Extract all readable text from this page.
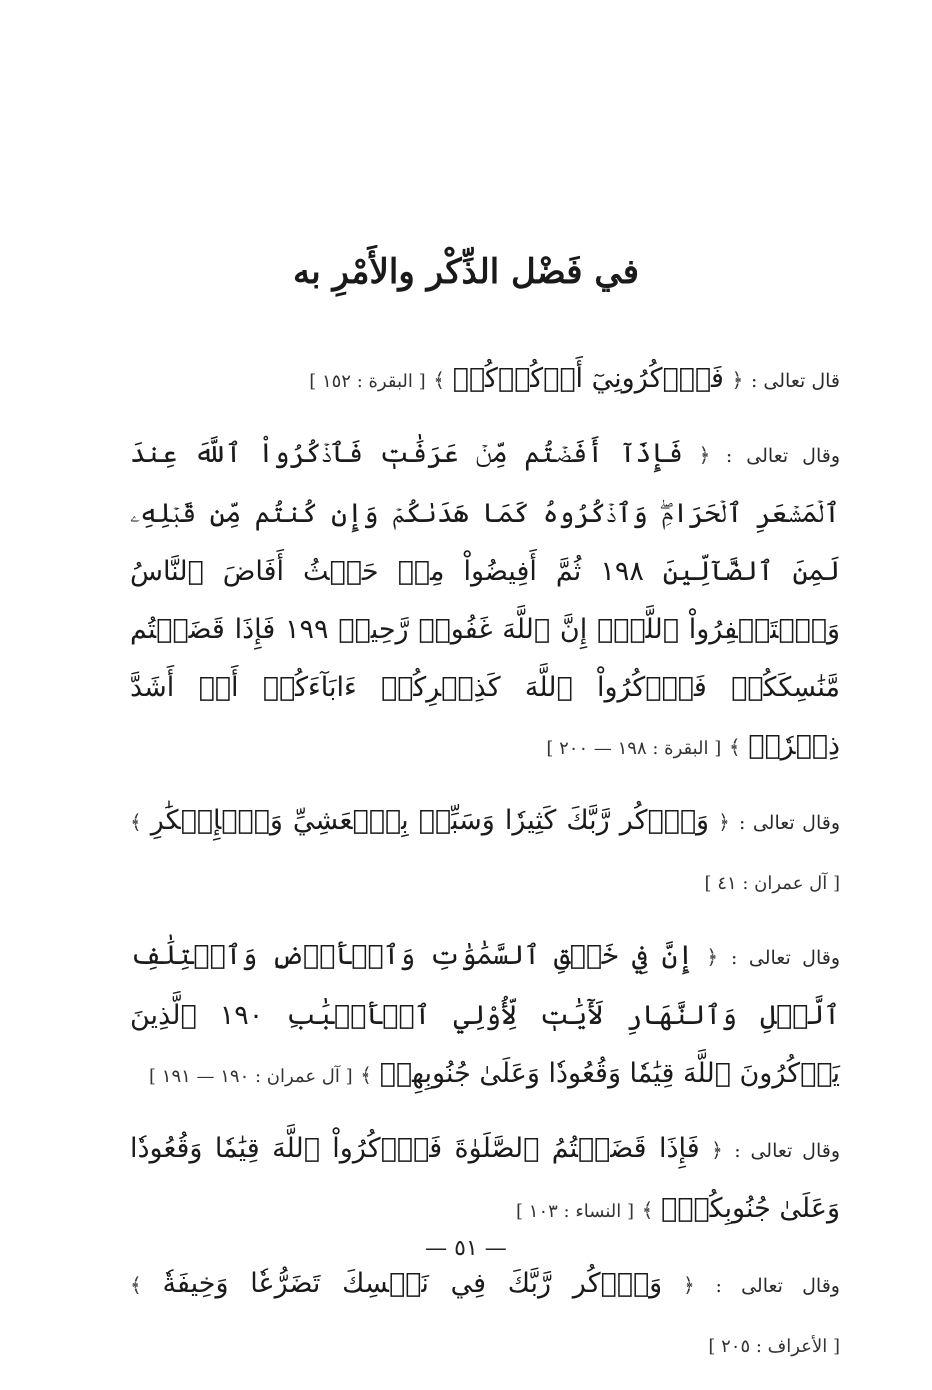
في فَضْل الذِّكْر والأَمْرِ به

قال تعالى : ﴿ فَٱذۡكُرُونِيٓ أَذۡكُرۡكُمۡ ﴾ [ البقرة : ١٥٢ ]

وقال تعالى : ﴿ فَإِذَآ أَفَضۡتُم مِّنۡ عَرَفَٰتٖ فَٱذۡكُرُواْ ٱللَّهَ عِندَ ٱلۡمَشۡعَرِ ٱلۡحَرَامِۖ وَٱذۡكُرُوهُ كَمَا هَدَىٰكُمۡ وَإِن كُنتُم مِّن قَبۡلِهِۦ لَمِنَ ٱلضَّآلِّينَ ١٩٨ ثُمَّ أَفِيضُواْ مِنۡ حَيۡثُ أَفَاضَ ٱلنَّاسُ وَٱسۡتَغۡفِرُواْ ٱللَّهَۚ إِنَّ ٱللَّهَ غَفُورٞ رَّحِيمٞ ١٩٩ فَإِذَا قَضَيۡتُم مَّنَٰسِكَكُمۡ فَٱذۡكُرُواْ ٱللَّهَ كَذِكۡرِكُمۡ ءَابَآءَكُمۡ أَوۡ أَشَدَّ ذِكۡرٗاۗ ﴾ [ البقرة : ١٩٨ — ٢٠٠ ]

وقال تعالى : ﴿ وَٱذۡكُر رَّبَّكَ كَثِيرٗا وَسَبِّحۡ بِٱلۡعَشِيِّ وَٱلۡإِبۡكَٰرِ ﴾ [ آل عمران : ٤١ ]

وقال تعالى : ﴿ إِنَّ فِي خَلۡقِ ٱلسَّمَٰوَٰتِ وَٱلۡأَرۡضِ وَٱخۡتِلَٰفِ ٱلَّيۡلِ وَٱلنَّهَارِ لَأٓيَٰتٖ لِّأُوْلِي ٱلۡأَلۡبَٰبِ ١٩٠ ٱلَّذِينَ يَذۡكُرُونَ ٱللَّهَ قِيَٰمٗا وَقُعُودٗا وَعَلَىٰ جُنُوبِهِمۡ ﴾ [ آل عمران : ١٩٠ — ١٩١ ]

وقال تعالى : ﴿ فَإِذَا قَضَيۡتُمُ ٱلصَّلَوٰةَ فَٱذۡكُرُواْ ٱللَّهَ قِيَٰمٗا وَقُعُودٗا وَعَلَىٰ جُنُوبِكُمۡۚ ﴾ [ النساء : ١٠٣ ]

وقال تعالى : ﴿ وَٱذۡكُر رَّبَّكَ فِي نَفۡسِكَ تَضَرُّعٗا وَخِيفَةٗ ﴾ [ الأعراف : ٢٠٥ ]

— ٥١ —
